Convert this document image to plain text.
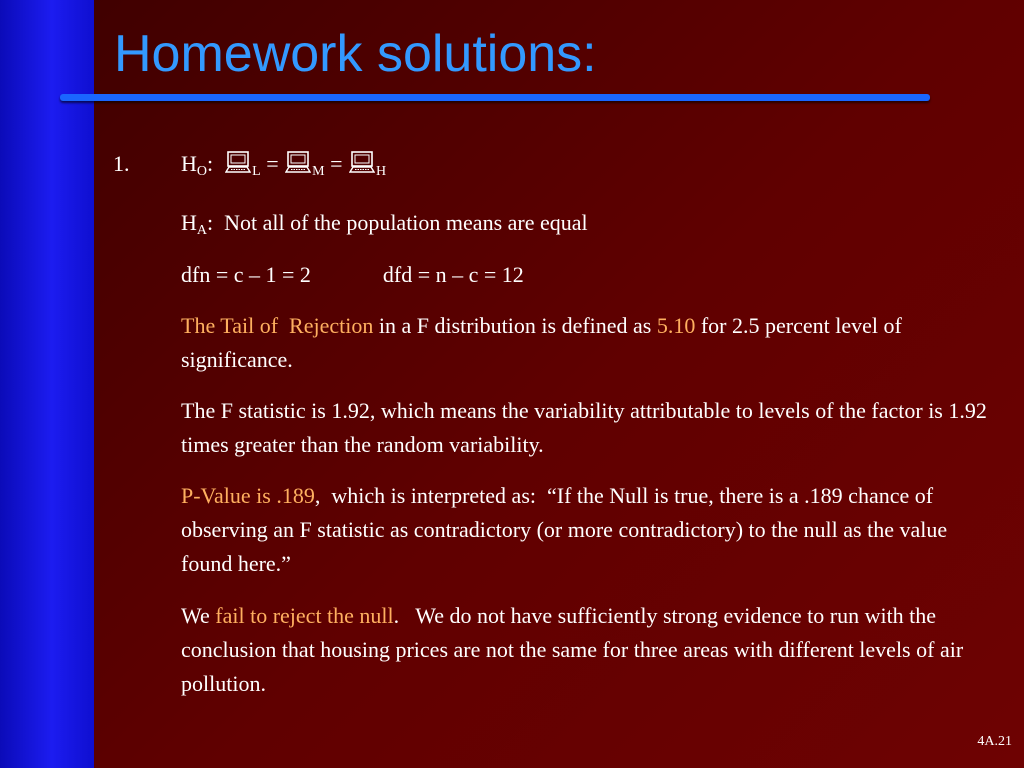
Homework solutions:
1. $H_O$:	$_L$ = $_M$ = $_H$
$H_A$:  Not all of the population means are equal
dfn = c – 1 = 2	dfd = n – c = 12
The Tail of  Rejection in a F distribution is defined as 5.10 for 2.5 percent level of significance.
The F statistic is 1.92, which means the variability attributable to levels of the factor is 1.92 times greater than the random variability.
P-Value is .189,  which is interpreted as:  “If the Null is true, there is a .189 chance of observing an F statistic as contradictory (or more contradictory) to the null as the value found here.”
We fail to reject the null.   We do not have sufficiently strong evidence to run with the conclusion that housing prices are not the same for three areas with different levels of air pollution.
4A.21
